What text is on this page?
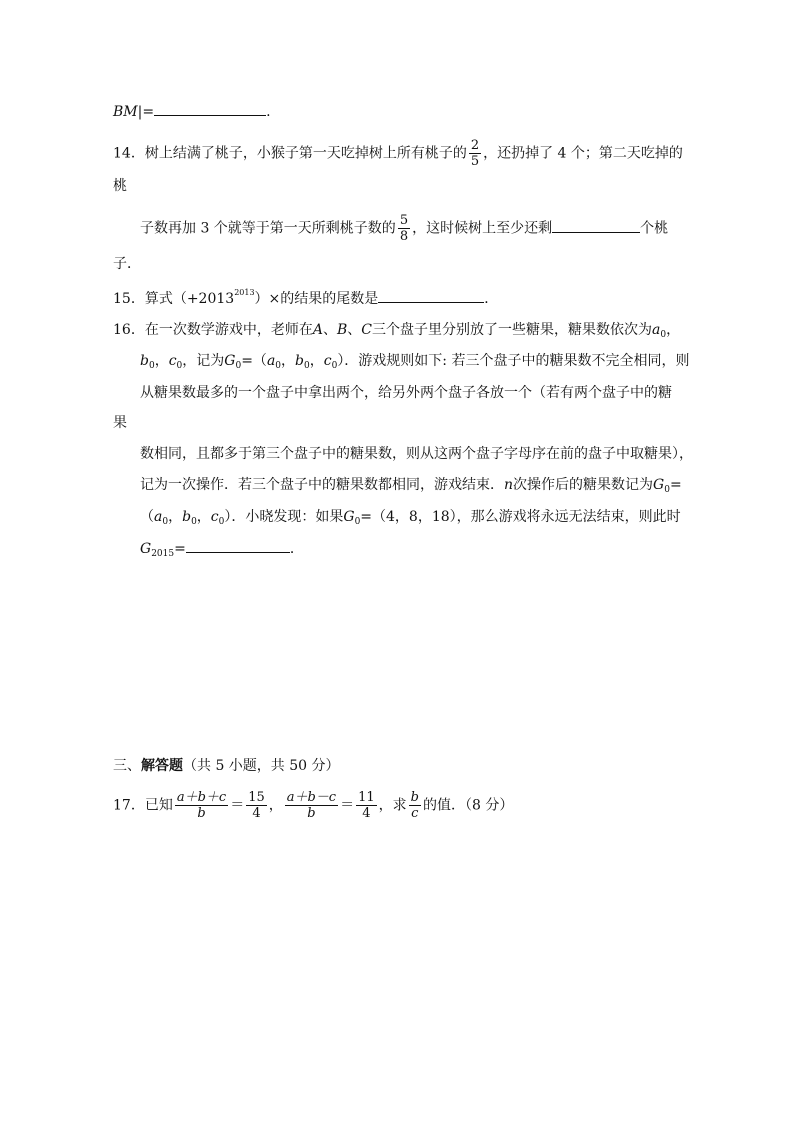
BM|=	.
14．树上结满了桃子，小猴子第一天吃掉树上所有桃子的 $\frac{2}{5}$ ，还扔掉了 4 个；第二天吃掉的
桃
子数再加 3 个就等于第一天所剩桃子数的 $\frac{5}{8}$ ，这时候树上至少还剩	个桃
子．
15．算式$(+2013^{2013})\times$的结果的尾数是	．
16．在一次数学游戏中，老师在A、B、C三个盘子里分别放了一些糖果，糖果数依次为$a_0$，
$b_0$，$c_0$，记为$G_0=(a_0$，$b_0$，$c_0$）．游戏规则如下: 若三个盘子中的糖果数不完全相同，则
从糖果数最多的一个盘子中拿出两个，给另外两个盘子各放一个（若有两个盘子中的糖
果
数相同，且都多于第三个盘子中的糖果数，则从这两个盘子字母序在前的盘子中取糖果），
记为一次操作．若三个盘子中的糖果数都相同，游戏结束．n次操作后的糖果数记为$G_0=$
（$a_0$，$b_0$，$c_0$）．小晓发现：如果$G_0=(4$，8，18），那么游戏将永远无法结束，则此时
$G_{2015}=$	．
三、解答题（共 5 小题，共 50 分）
17．已知 $\frac{a+b+c}{b} = \frac{15}{4}$ ， $\frac{a+b-c}{b} = \frac{11}{4}$ ，求 $\frac{b}{c}$ 的值．（8 分）
